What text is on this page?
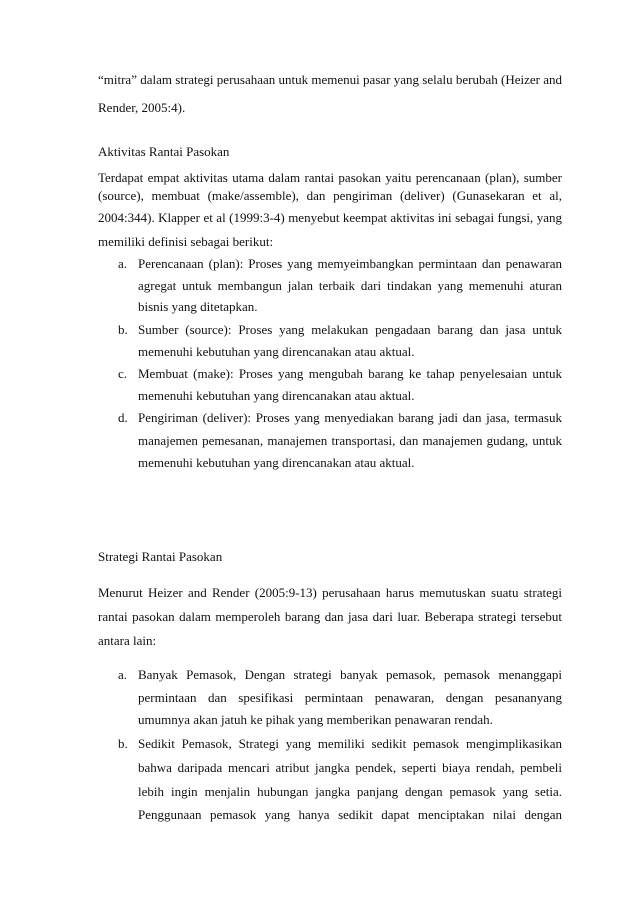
“mitra” dalam strategi perusahaan untuk memenui pasar yang selalu berubah (Heizer and
Render, 2005:4).
Aktivitas Rantai Pasokan
Terdapat empat aktivitas utama dalam rantai pasokan yaitu perencanaan (plan), sumber
(source), membuat (make/assemble), dan pengiriman (deliver) (Gunasekaran et al,
2004:344). Klapper et al (1999:3-4) menyebut keempat aktivitas ini sebagai fungsi, yang
memiliki definisi sebagai berikut:
a. Perencanaan (plan): Proses yang memyeimbangkan permintaan dan penawaran
agregat untuk membangun jalan terbaik dari tindakan yang memenuhi aturan
bisnis yang ditetapkan.
b. Sumber (source): Proses yang melakukan pengadaan barang dan jasa untuk
memenuhi kebutuhan yang direncanakan atau aktual.
c. Membuat (make): Proses yang mengubah barang ke tahap penyelesaian untuk
memenuhi kebutuhan yang direncanakan atau aktual.
d. Pengiriman (deliver): Proses yang menyediakan barang jadi dan jasa, termasuk
manajemen pemesanan, manajemen transportasi, dan manajemen gudang, untuk
memenuhi kebutuhan yang direncanakan atau aktual.
Strategi Rantai Pasokan
Menurut Heizer and Render (2005:9-13) perusahaan harus memutuskan suatu strategi
rantai pasokan dalam memperoleh barang dan jasa dari luar. Beberapa strategi tersebut
antara lain:
a. Banyak Pemasok, Dengan strategi banyak pemasok, pemasok menanggapi
permintaan dan spesifikasi permintaan penawaran, dengan pesananyang
umumnya akan jatuh ke pihak yang memberikan penawaran rendah.
b. Sedikit Pemasok, Strategi yang memiliki sedikit pemasok mengimplikasikan
bahwa daripada mencari atribut jangka pendek, seperti biaya rendah, pembeli
lebih ingin menjalin hubungan jangka panjang dengan pemasok yang setia.
Penggunaan pemasok yang hanya sedikit dapat menciptakan nilai dengan
